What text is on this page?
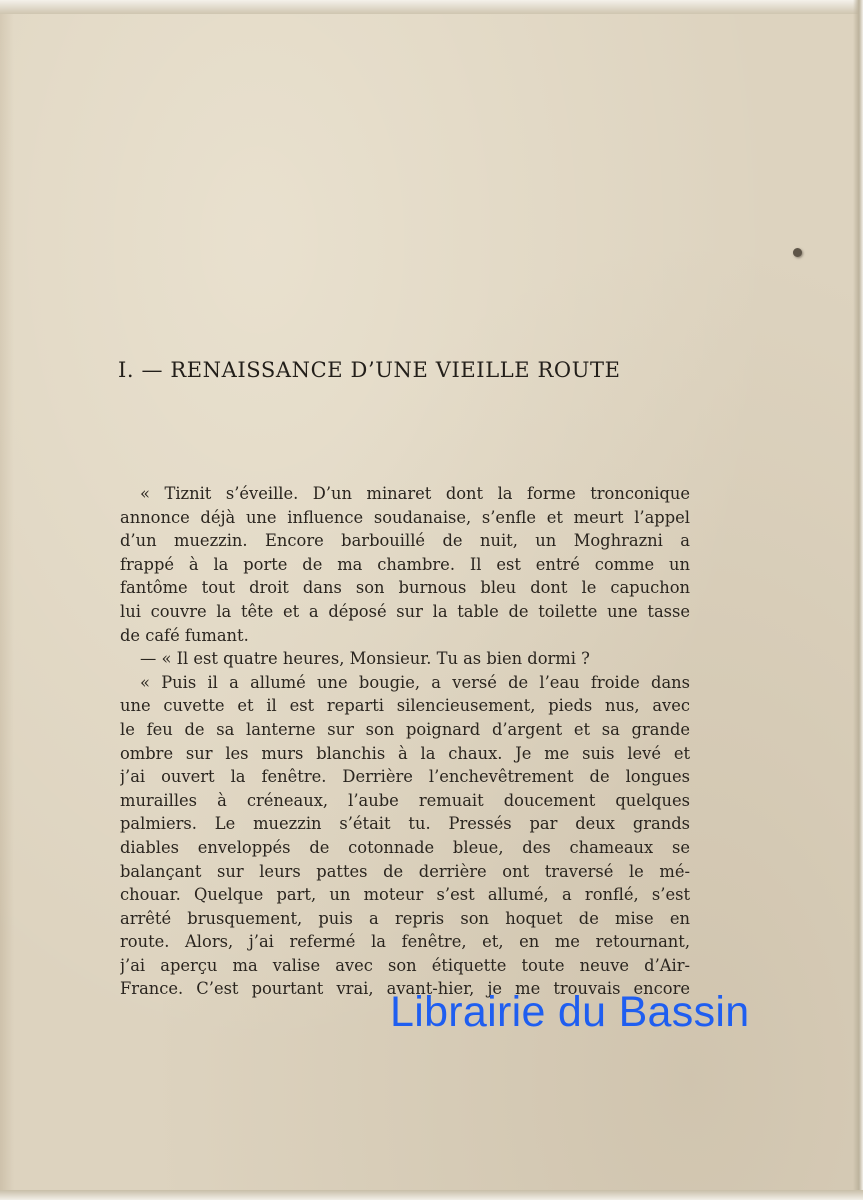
I. — RENAISSANCE D’UNE VIEILLE ROUTE
« Tiznit s’éveille. D’un minaret dont la forme tronconique
annonce déjà une influence soudanaise, s’enfle et meurt l’appel
d’un muezzin. Encore barbouillé de nuit, un Moghrazni a
frappé à la porte de ma chambre. Il est entré comme un
fantôme tout droit dans son burnous bleu dont le capuchon
lui couvre la tête et a déposé sur la table de toilette une tasse
de café fumant.
— « Il est quatre heures, Monsieur. Tu as bien dormi ?
« Puis il a allumé une bougie, a versé de l’eau froide dans
une cuvette et il est reparti silencieusement, pieds nus, avec
le feu de sa lanterne sur son poignard d’argent et sa grande
ombre sur les murs blanchis à la chaux. Je me suis levé et
j’ai ouvert la fenêtre. Derrière l’enchevêtrement de longues
murailles à créneaux, l’aube remuait doucement quelques
palmiers. Le muezzin s’était tu. Pressés par deux grands
diables enveloppés de cotonnade bleue, des chameaux se
balançant sur leurs pattes de derrière ont traversé le mé-
chouar. Quelque part, un moteur s’est allumé, a ronflé, s’est
arrêté brusquement, puis a repris son hoquet de mise en
route. Alors, j’ai refermé la fenêtre, et, en me retournant,
j’ai aperçu ma valise avec son étiquette toute neuve d’Air-
France. C’est pourtant vrai, avant-hier, je me trouvais encore

Librairie du Bassin
